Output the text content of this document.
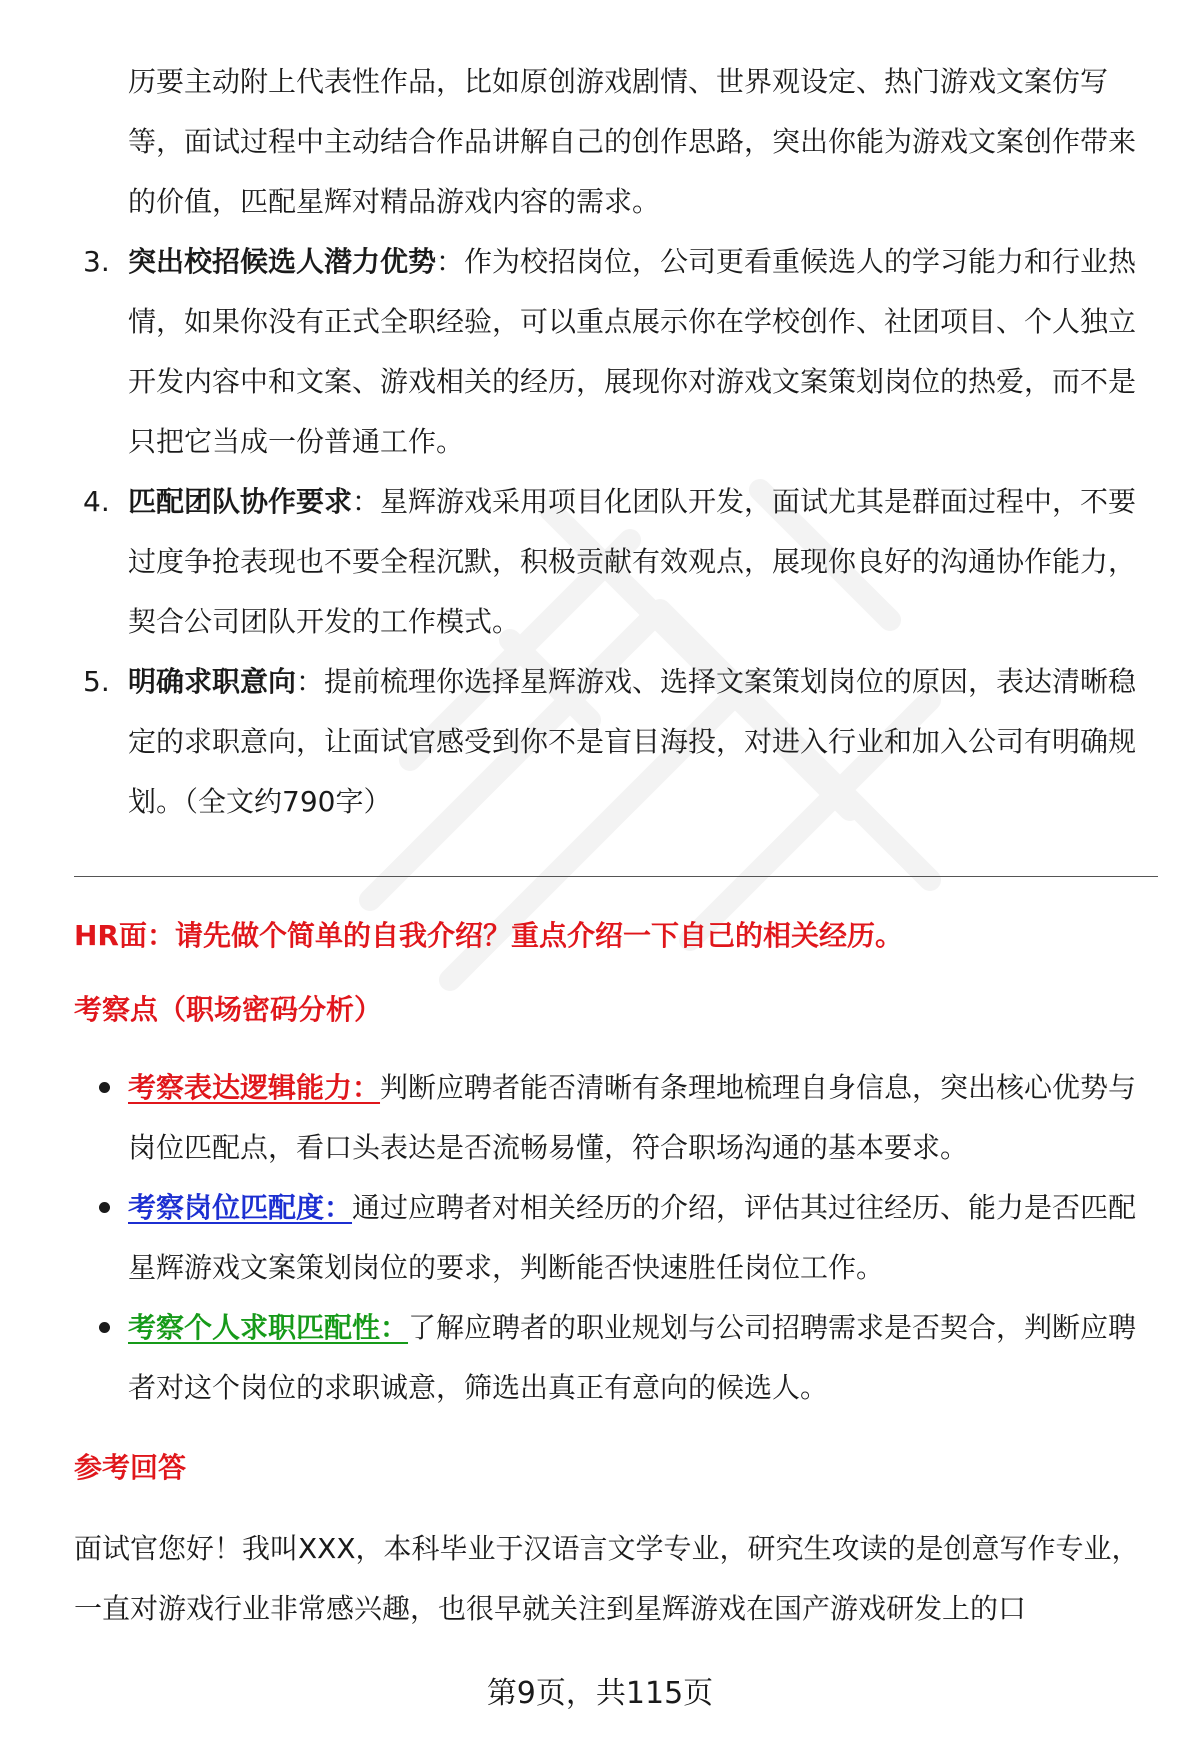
历要主动附上代表性作品，比如原创游戏剧情、世界观设定、热门游戏文案仿写等，面试过程中主动结合作品讲解自己的创作思路，突出你能为游戏文案创作带来的价值，匹配星辉对精品游戏内容的需求。

3. 突出校招候选人潜力优势：作为校招岗位，公司更看重候选人的学习能力和行业热情，如果你没有正式全职经验，可以重点展示你在学校创作、社团项目、个人独立开发内容中和文案、游戏相关的经历，展现你对游戏文案策划岗位的热爱，而不是只把它当成一份普通工作。
4. 匹配团队协作要求：星辉游戏采用项目化团队开发，面试尤其是群面过程中，不要过度争抢表现也不要全程沉默，积极贡献有效观点，展现你良好的沟通协作能力，契合公司团队开发的工作模式。
5. 明确求职意向：提前梳理你选择星辉游戏、选择文案策划岗位的原因，表达清晰稳定的求职意向，让面试官感受到你不是盲目海投，对进入行业和加入公司有明确规划。（全文约790字）

HR面：请先做个简单的自我介绍？重点介绍一下自己的相关经历。

考察点（职场密码分析）

考察表达逻辑能力：判断应聘者能否清晰有条理地梳理自身信息，突出核心优势与岗位匹配点，看口头表达是否流畅易懂，符合职场沟通的基本要求。
考察岗位匹配度：通过应聘者对相关经历的介绍，评估其过往经历、能力是否匹配星辉游戏文案策划岗位的要求，判断能否快速胜任岗位工作。
考察个人求职匹配性：了解应聘者的职业规划与公司招聘需求是否契合，判断应聘者对这个岗位的求职诚意，筛选出真正有意向的候选人。

参考回答

面试官您好！我叫XXX，本科毕业于汉语言文学专业，研究生攻读的是创意写作专业，一直对游戏行业非常感兴趣，也很早就关注到星辉游戏在国产游戏研发上的口

第9页，共115页
